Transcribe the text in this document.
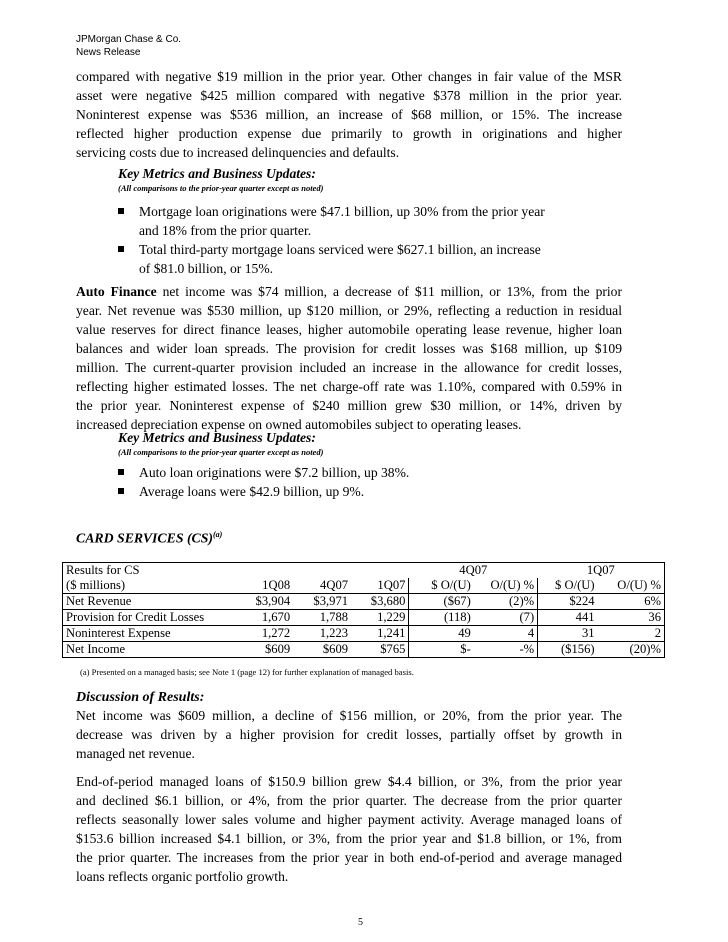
JPMorgan Chase & Co.
News Release
compared with negative $19 million in the prior year. Other changes in fair value of the MSR
asset were negative $425 million compared with negative $378 million in the prior year.
Noninterest expense was $536 million, an increase of $68 million, or 15%. The increase
reflected higher production expense due primarily to growth in originations and higher
servicing costs due to increased delinquencies and defaults.
Key Metrics and Business Updates:
(All comparisons to the prior-year quarter except as noted)
Mortgage loan originations were $47.1 billion, up 30% from the prior year
and 18% from the prior quarter.
Total third-party mortgage loans serviced were $627.1 billion, an increase
of $81.0 billion, or 15%.
Auto Finance net income was $74 million, a decrease of $11 million, or 13%, from the prior
year. Net revenue was $530 million, up $120 million, or 29%, reflecting a reduction in residual
value reserves for direct finance leases, higher automobile operating lease revenue, higher loan
balances and wider loan spreads. The provision for credit losses was $168 million, up $109
million. The current-quarter provision included an increase in the allowance for credit losses,
reflecting higher estimated losses. The net charge-off rate was 1.10%, compared with 0.59% in
the prior year. Noninterest expense of $240 million grew $30 million, or 14%, driven by
increased depreciation expense on owned automobiles subject to operating leases.
Key Metrics and Business Updates:
(All comparisons to the prior-year quarter except as noted)
Auto loan originations were $7.2 billion, up 38%.
Average loans were $42.9 billion, up 9%.
CARD SERVICES (CS)$^{(a)}$
Results for CS				4Q07		1Q07	
($ millions)	1Q08	4Q07	1Q07	$ O/(U)	O/(U) %	$ O/(U)	O/(U) %
Net Revenue	$3,904	$3,971	$3,680	($67)	(2)%	$224	6%
Provision for Credit Losses	1,670	1,788	1,229	(118)	(7)	441	36
Noninterest Expense	1,272	1,223	1,241	49	4	31	2
Net Income	$609	$609	$765	$-	-%	($156)	(20)%
(a) Presented on a managed basis; see Note 1 (page 12) for further explanation of managed basis.
Discussion of Results:
Net income was $609 million, a decline of $156 million, or 20%, from the prior year. The
decrease was driven by a higher provision for credit losses, partially offset by growth in
managed net revenue.
End-of-period managed loans of $150.9 billion grew $4.4 billion, or 3%, from the prior year
and declined $6.1 billion, or 4%, from the prior quarter. The decrease from the prior quarter
reflects seasonally lower sales volume and higher payment activity. Average managed loans of
$153.6 billion increased $4.1 billion, or 3%, from the prior year and $1.8 billion, or 1%, from
the prior quarter. The increases from the prior year in both end-of-period and average managed
loans reflects organic portfolio growth.
5
